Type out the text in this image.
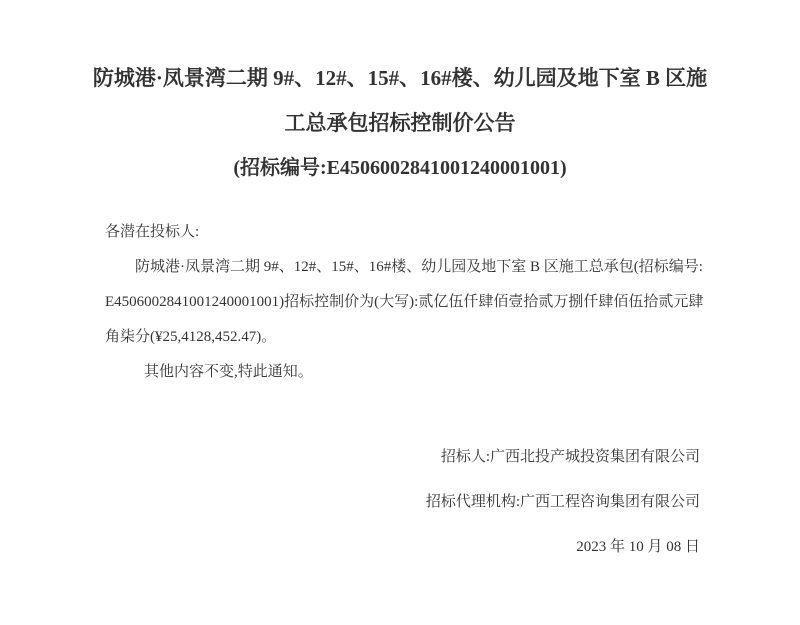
防城港·凤景湾二期 9#、12#、15#、16#楼、幼儿园及地下室 B 区施
工总承包招标控制价公告
(招标编号:E4506002841001240001001)
各潜在投标人:
防城港·凤景湾二期 9#、12#、15#、16#楼、幼儿园及地下室 B 区施工总承包(招标编号:
E4506002841001240001001)招标控制价为(大写):贰亿伍仟肆佰壹拾贰万捌仟肆佰伍拾贰元肆
角柒分(¥25,4128,452.47)。
其他内容不变,特此通知。

招标人:广西北投产城投资集团有限公司

招标代理机构:广西工程咨询集团有限公司

2023 年 10 月 08 日
